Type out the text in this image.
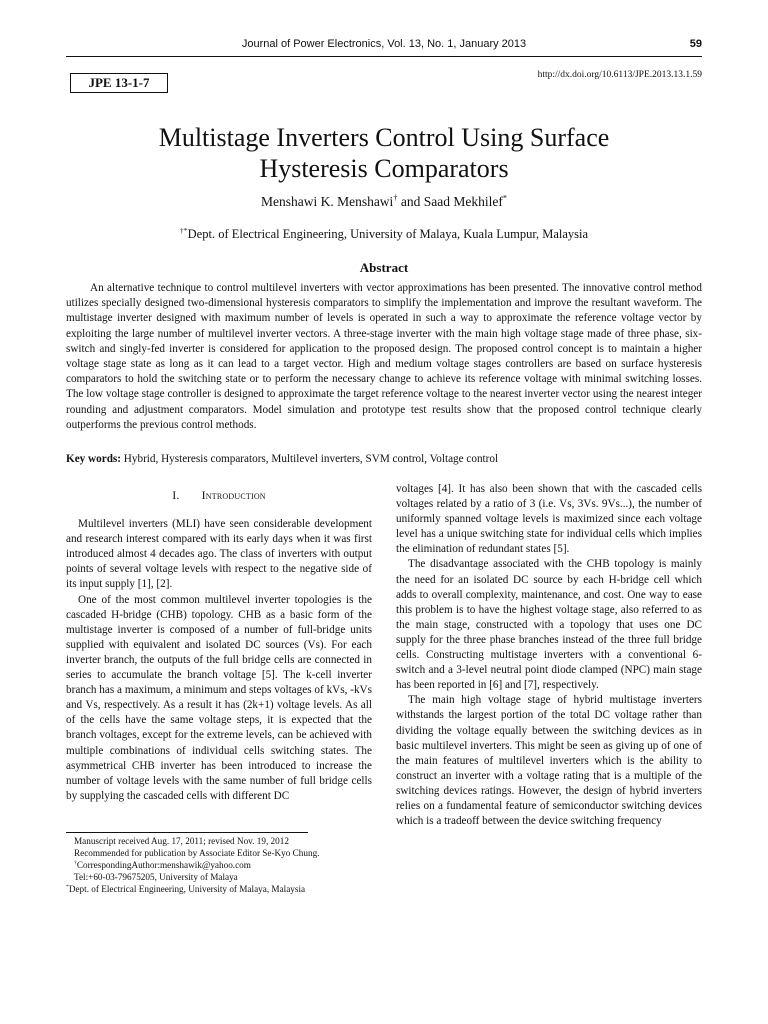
Journal of Power Electronics, Vol. 13, No. 1, January 2013	59
JPE 13-1-7	http://dx.doi.org/10.6113/JPE.2013.13.1.59
Multistage Inverters Control Using Surface
Hysteresis Comparators
Menshawi K. Menshawi† and Saad Mekhilef*
†*Dept. of Electrical Engineering, University of Malaya, Kuala Lumpur, Malaysia
Abstract

An alternative technique to control multilevel inverters with vector approximations has been presented. The innovative control method utilizes specially designed two-dimensional hysteresis comparators to simplify the implementation and improve the resultant waveform. The multistage inverter designed with maximum number of levels is operated in such a way to approximate the reference voltage vector by exploiting the large number of multilevel inverter vectors. A three-stage inverter with the main high voltage stage made of three phase, six-switch and singly-fed inverter is considered for application to the proposed design. The proposed control concept is to maintain a higher voltage stage state as long as it can lead to a target vector. High and medium voltage stages controllers are based on surface hysteresis comparators to hold the switching state or to perform the necessary change to achieve its reference voltage with minimal switching losses. The low voltage stage controller is designed to approximate the target reference voltage to the nearest inverter vector using the nearest integer rounding and adjustment comparators. Model simulation and prototype test results show that the proposed control technique clearly outperforms the previous control methods.

Key words: Hybrid, Hysteresis comparators, Multilevel inverters, SVM control, Voltage control
I. Introduction

Multilevel inverters (MLI) have seen considerable development and research interest compared with its early days when it was first introduced almost 4 decades ago. The class of inverters with output points of several voltage levels with respect to the negative side of its input supply [1], [2].

One of the most common multilevel inverter topologies is the cascaded H-bridge (CHB) topology. CHB as a basic form of the multistage inverter is composed of a number of full-bridge units supplied with equivalent and isolated DC sources (Vs). For each inverter branch, the outputs of the full bridge cells are connected in series to accumulate the branch voltage [5]. The k-cell inverter branch has a maximum, a minimum and steps voltages of kVs, -kVs and Vs, respectively. As a result it has (2k+1) voltage levels. As all of the cells have the same voltage steps, it is expected that the branch voltages, except for the extreme levels, can be achieved with multiple combinations of individual cells switching states. The asymmetrical CHB inverter has been introduced to increase the number of voltage levels with the same number of full bridge cells by supplying the cascaded cells with different DC

voltages [4]. It has also been shown that with the cascaded cells voltages related by a ratio of 3 (i.e. Vs, 3Vs. 9Vs...), the number of uniformly spanned voltage levels is maximized since each voltage level has a unique switching state for individual cells which implies the elimination of redundant states [5].

The disadvantage associated with the CHB topology is mainly the need for an isolated DC source by each H-bridge cell which adds to overall complexity, maintenance, and cost. One way to ease this problem is to have the highest voltage stage, also referred to as the main stage, constructed with a topology that uses one DC supply for the three phase branches instead of the three full bridge cells. Constructing multistage inverters with a conventional 6-switch and a 3-level neutral point diode clamped (NPC) main stage has been reported in [6] and [7], respectively.

The main high voltage stage of hybrid multistage inverters withstands the largest portion of the total DC voltage rather than dividing the voltage equally between the switching devices as in basic multilevel inverters. This might be seen as giving up of one of the main features of multilevel inverters which is the ability to construct an inverter with a voltage rating that is a multiple of the switching devices ratings. However, the design of hybrid inverters relies on a fundamental feature of semiconductor switching devices which is a tradeoff between the device switching frequency

Manuscript received Aug. 17, 2011; revised Nov. 19, 2012
Recommended for publication by Associate Editor Se-Kyo Chung.
†CorrespondingAuthor:menshawik@yahoo.com
Tel:+60-03-79675205, University of Malaya
*Dept. of Electrical Engineering, University of Malaya, Malaysia
